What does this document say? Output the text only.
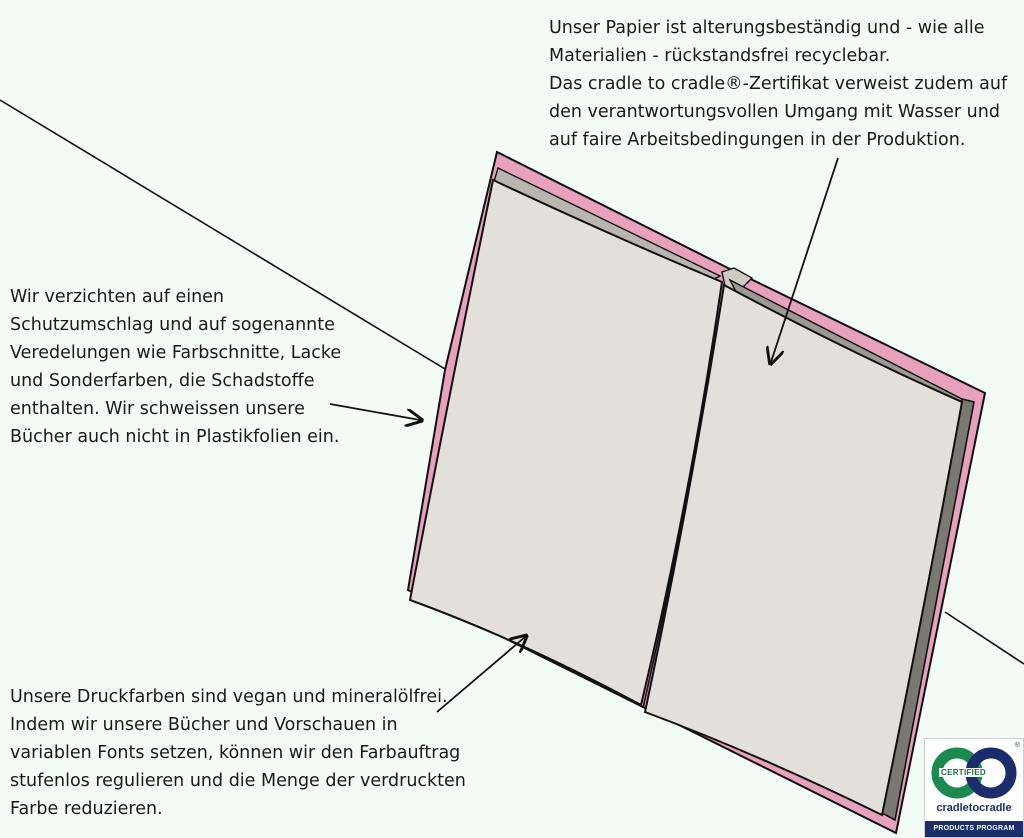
Unser Papier ist alterungsbeständig und - wie alle
Materialien - rückstandsfrei recyclebar.
Das cradle to cradle®-Zertifikat verweist zudem auf
den verantwortungsvollen Umgang mit Wasser und
auf faire Arbeitsbedingungen in der Produktion.

Wir verzichten auf einen
Schutzumschlag und auf sogenannte
Veredelungen wie Farbschnitte, Lacke
und Sonderfarben, die Schadstoffe
enthalten. Wir schweissen unsere
Bücher auch nicht in Plastikfolien ein.

Unsere Druckfarben sind vegan und mineralölfrei.
Indem wir unsere Bücher und Vorschauen in
variablen Fonts setzen, können wir den Farbauftrag
stufenlos regulieren und die Menge der verdruckten
Farbe reduzieren.

®
CERTIFIED
cradletocradle
PRODUCTS PROGRAM
